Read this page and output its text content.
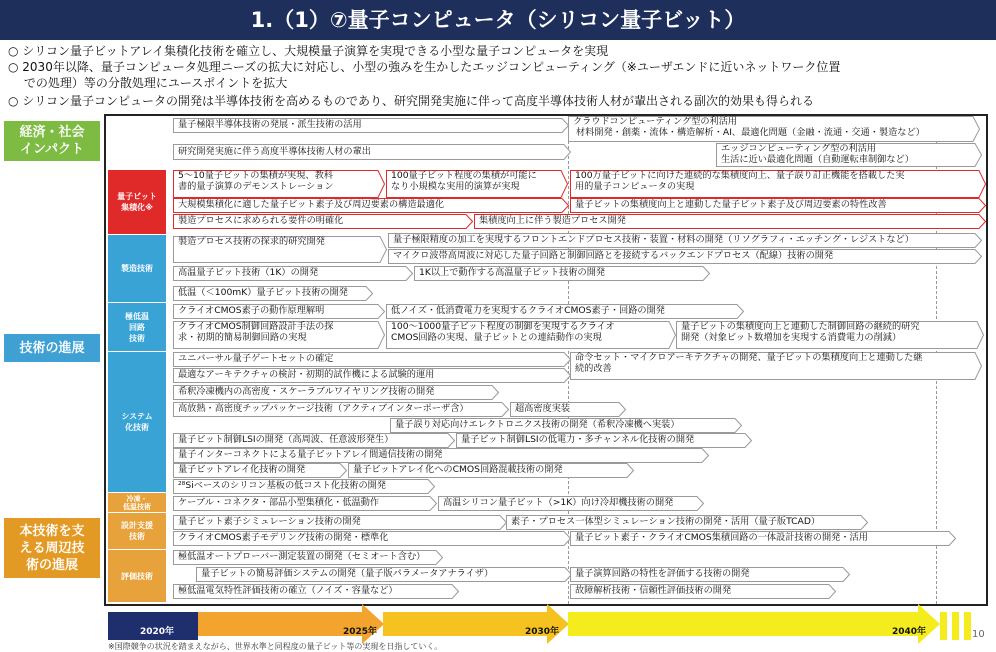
1.（1）⑦量子コンピュータ（シリコン量子ビット）
○ シリコン量子ビットアレイ集積化技術を確立し、大規模量子演算を実現できる小型な量子コンピュータを実現
○ 2030年以降、量子コンピュータ処理ニーズの拡大に対応し、小型の強みを生かしたエッジコンピューティング（※ユーザエンドに近いネットワーク位置
　 での処理）等の分散処理にユースポイントを拡大
○ シリコン量子コンピュータの開発は半導体技術を高めるものであり、研究開発実施に伴って高度半導体技術人材が輩出される副次的効果も得られる
経済・社会
インパクト
技術の進展
本技術を支
える周辺技
術の進展
量子ビット
集積化※
製造技術
極低温
回路
技術
システム
化技術
冷凍・
低温技術
設計支援
技術
評価技術
量子極限半導体技術の発展・派生技術の活用	クラウドコンピューティング型の利活用
材料開発・創薬・流体・構造解析・AI、最適化問題（金融・流通・交通・製造など）
研究開発実施に伴う高度半導体技術人材の輩出	エッジコンピューティング型の利活用
生活に近い最適化問題（自動運転車制御など）
5～10量子ビットの集積が実現、教科
書的量子演算のデモンストレーション
100量子ビット程度の集積が可能に
なり小規模な実用的演算が実現
100万量子ビットに向けた連続的な集積度向上、量子誤り訂正機能を搭載した実
用的量子コンピュータの実現
大規模集積化に適した量子ビット素子及び周辺要素の構造最適化	量子ビットの集積度向上と連動した量子ビット素子及び周辺要素の特性改善
製造プロセスに求められる要件の明確化	集積度向上に伴う製造プロセス開発
製造プロセス技術の探求的研究開発	量子極限精度の加工を実現するフロントエンドプロセス技術・装置・材料の開発（リソグラフィ・エッチング・レジストなど）
マイクロ波帯高周波に対応した量子回路と制御回路とを接続するバックエンドプロセス（配線）技術の開発
高温量子ビット技術（1K）の開発	1K以上で動作する高温量子ビット技術の開発
低温（＜100mK）量子ビット技術の開発
クライオCMOS素子の動作原理解明	低ノイズ・低消費電力を実現するクライオCMOS素子・回路の開発
クライオCMOS制御回路設計手法の探
求・初期的簡易制御回路の実現
100～1000量子ビット程度の制御を実現するクライオ
CMOS回路の実現、量子ビットとの連結動作の実現
量子ビットの集積度向上と連動した制御回路の継続的研究
開発（対象ビット数増加を実現する消費電力の削減）
ユニバーサル量子ゲートセットの確定	命令セット・マイクロアーキテクチャの開発、量子ビットの集積度向上と連動した継
続的改善
最適なアーキテクチャの検討・初期的試作機による試験的運用
希釈冷凍機内の高密度・スケーラブルワイヤリング技術の開発
高放熱・高密度チップパッケージ技術（アクティブインターポーザ含）	超高密度実装
量子誤り対応向けエレクトロニクス技術の開発（希釈冷凍機へ実装）
量子ビット制御LSIの開発（高周波、任意波形発生）	量子ビット制御LSIの低電力・多チャンネル化技術の開発
量子インターコネクトによる量子ビットアレイ間通信技術の開発
量子ビットアレイ化技術の開発	量子ビットアレイ化へのCMOS回路混載技術の開発
²⁸Siベースのシリコン基板の低コスト化技術の開発
ケーブル・コネクタ・部品小型集積化・低温動作	高温シリコン量子ビット（>1K）向け冷却機技術の開発
量子ビット素子シミュレーション技術の開発	素子・プロセス一体型シミュレーション技術の開発・活用（量子版TCAD）
クライオCMOS素子モデリング技術の開発・標準化	量子ビット素子・クライオCMOS集積回路の一体設計技術の開発・活用
極低温オートプローバー測定装置の開発（セミオート含む）
量子ビットの簡易評価システムの開発（量子版パラメータアナライザ）	量子演算回路の特性を評価する技術の開発
極低温電気特性評価技術の確立（ノイズ・容量など）	故障解析技術・信頼性評価技術の開発
2020年	2025年	2030年	2040年
※国際競争の状況を踏まえながら、世界水準と同程度の量子ビット等の実現を日指していく。
10
